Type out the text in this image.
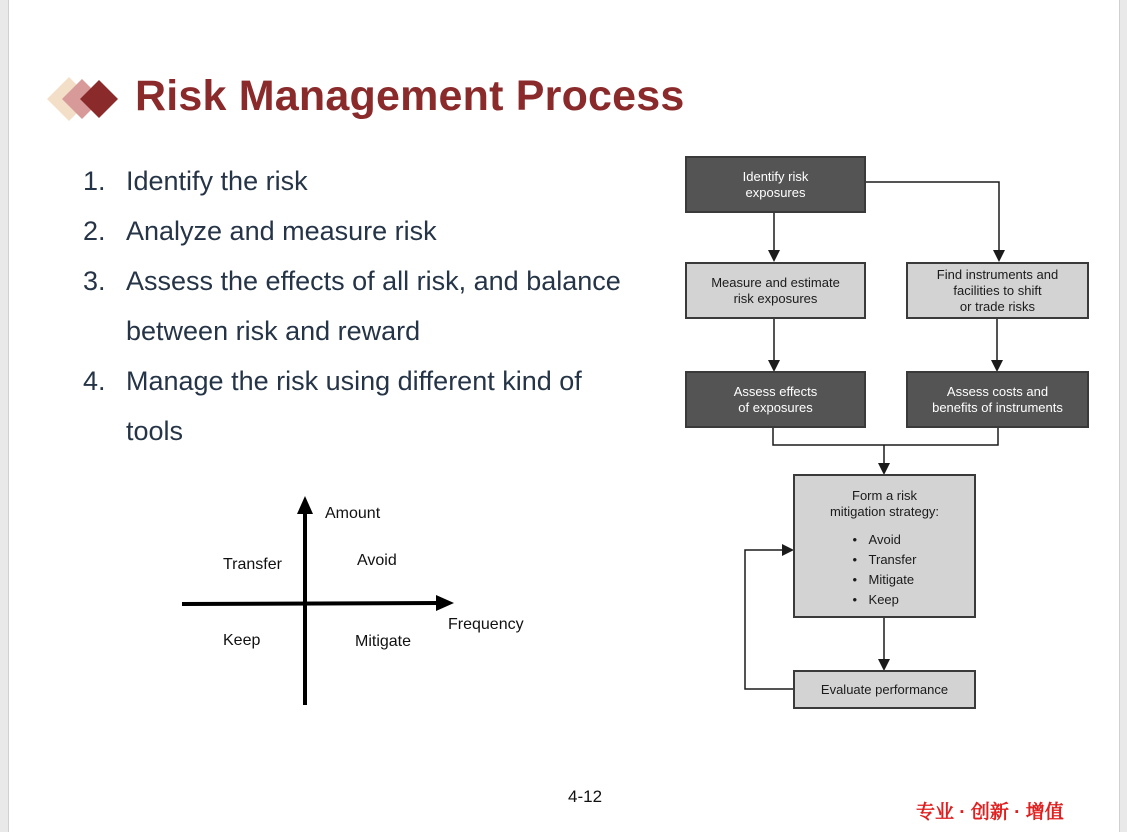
Risk Management Process
1. Identify the risk
2. Analyze and measure risk
3. Assess the effects of all risk, and balance
between risk and reward
4. Manage the risk using different kind of
tools
Amount
Frequency
Transfer	Avoid
Keep	Mitigate
Identify risk
exposures
Measure and estimate
risk exposures
Find instruments and
facilities to shift
or trade risks
Assess effects
of exposures
Assess costs and
benefits of instruments
Form a risk
mitigation strategy:
• Avoid
• Transfer
• Mitigate
• Keep
Evaluate performance
4-12
专业 · 创新 · 增值
